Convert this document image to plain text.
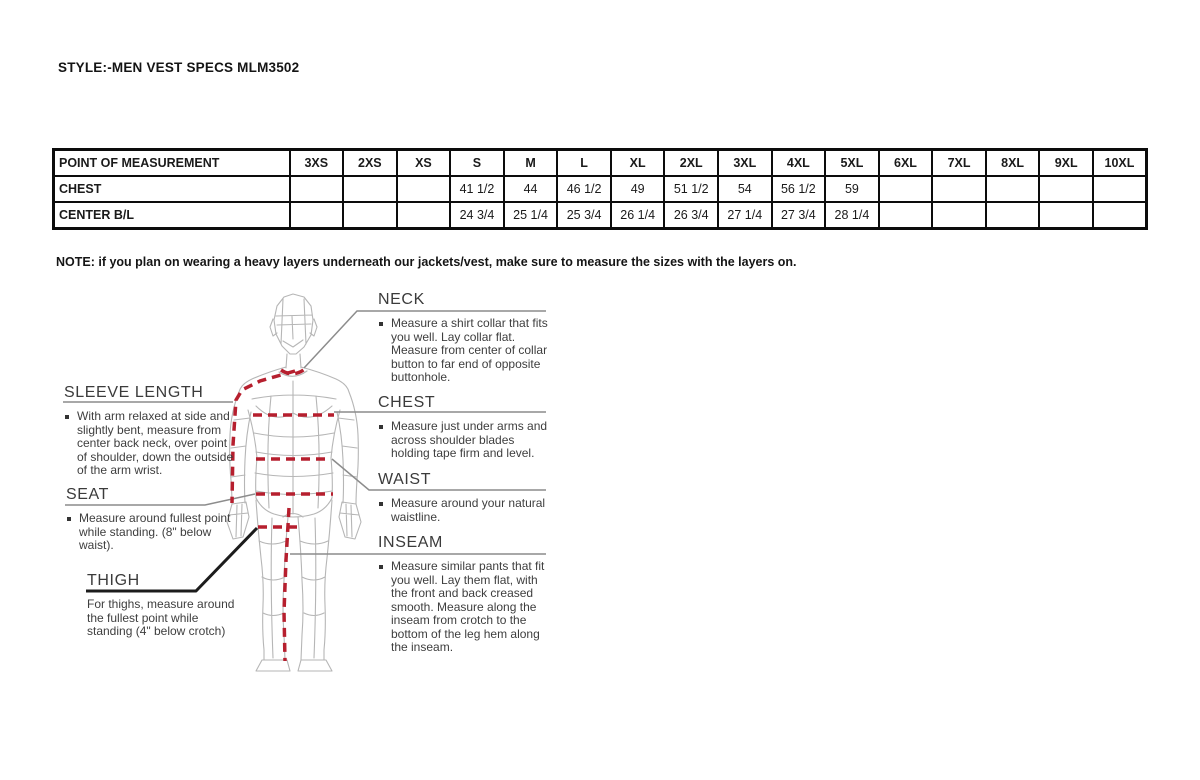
STYLE:-MEN VEST SPECS MLM3502
POINT OF MEASUREMENT	3XS	2XS	XS	S	M	L	XL	2XL	3XL	4XL	5XL	6XL	7XL	8XL	9XL	10XL
CHEST				41 1/2	44	46 1/2	49	51 1/2	54	56 1/2	59					
CENTER B/L				24 3/4	25 1/4	25 3/4	26 1/4	26 3/4	27 1/4	27 3/4	28 1/4					
NOTE: if you plan on wearing a heavy layers underneath our jackets/vest, make sure to measure the sizes with the layers on.
SLEEVE LENGTH
With arm relaxed at side and slightly bent, measure from center back neck, over point of shoulder, down the outside of the arm wrist.
SEAT
Measure around fullest point while standing. (8" below waist).
THIGH
For thighs, measure around the fullest point while standing (4" below crotch)
NECK
Measure a shirt collar that fits you well. Lay collar flat. Measure from center of collar button to far end of opposite buttonhole.
CHEST
Measure just under arms and across shoulder blades holding tape firm and level.
WAIST
Measure around your natural waistline.
INSEAM
Measure similar pants that fit you well. Lay them flat, with the front and back creased smooth. Measure along the inseam from crotch to the bottom of the leg hem along the inseam.
